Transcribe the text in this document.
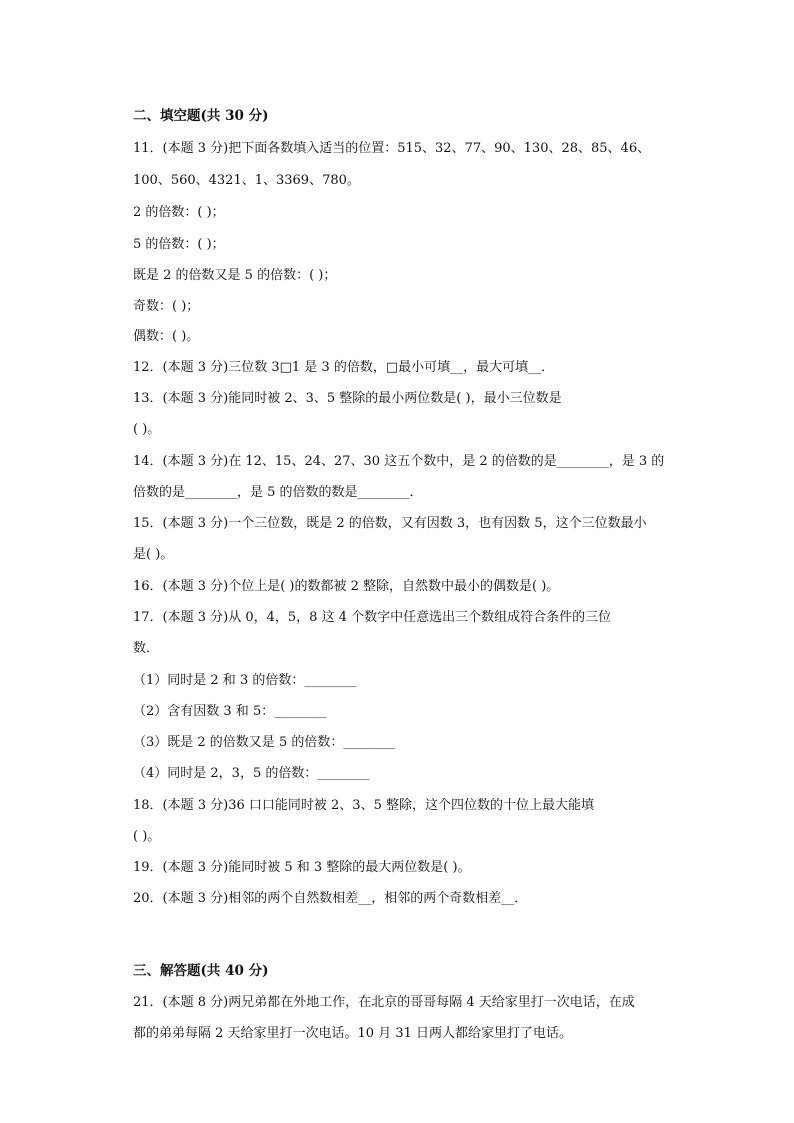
二、填空题(共 30 分)
11．(本题 3 分)把下面各数填入适当的位置：515、32、77、90、130、28、85、46、
100、560、4321、1、3369、780。
2 的倍数：( )；
5 的倍数：( )；
既是 2 的倍数又是 5 的倍数：( )；
奇数：( )；
偶数：( )。
12．(本题 3 分)三位数 3□1 是 3 的倍数，□最小可填__，最大可填__．
13．(本题 3 分)能同时被 2、3、5 整除的最小两位数是( )，最小三位数是
( )。
14．(本题 3 分)在 12、15、24、27、30 这五个数中，是 2 的倍数的是________，是 3 的
倍数的是________，是 5 的倍数的数是________．
15．(本题 3 分)一个三位数，既是 2 的倍数，又有因数 3，也有因数 5，这个三位数最小
是( )。
16．(本题 3 分)个位上是( )的数都被 2 整除，自然数中最小的偶数是( )。
17．(本题 3 分)从 0，4，5，8 这 4 个数字中任意选出三个数组成符合条件的三位
数．
（1）同时是 2 和 3 的倍数：________
（2）含有因数 3 和 5：________
（3）既是 2 的倍数又是 5 的倍数：________
（4）同时是 2，3，5 的倍数：________
18．(本题 3 分)36 口口能同时被 2、3、5 整除，这个四位数的十位上最大能填
( )。
19．(本题 3 分)能同时被 5 和 3 整除的最大两位数是( )。
20．(本题 3 分)相邻的两个自然数相差__，相邻的两个奇数相差__．
三、解答题(共 40 分)
21．(本题 8 分)两兄弟都在外地工作，在北京的哥哥每隔 4 天给家里打一次电话，在成
都的弟弟每隔 2 天给家里打一次电话。10 月 31 日两人都给家里打了电话。
